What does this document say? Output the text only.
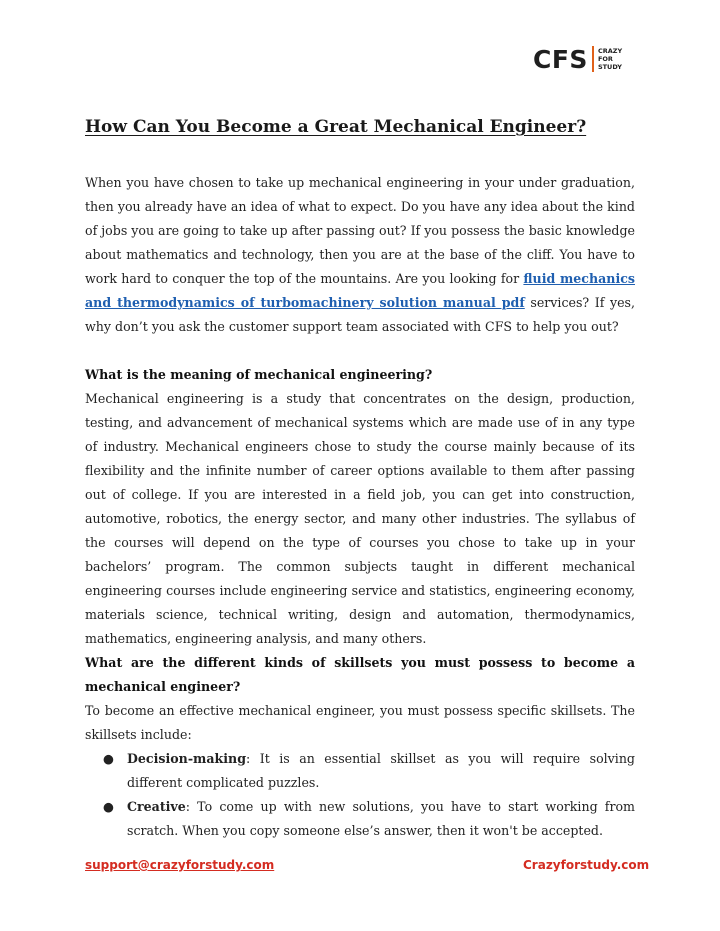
CFS CRAZY
FOR
STUDY
How Can You Become a Great Mechanical Engineer?

When you have chosen to take up mechanical engineering in your under graduation, then you already have an idea of what to expect. Do you have any idea about the kind of jobs you are going to take up after passing out? If you possess the basic knowledge about mathematics and technology, then you are at the base of the cliff. You have to work hard to conquer the top of the mountains. Are you looking for fluid mechanics and thermodynamics of turbomachinery solution manual pdf services? If yes, why don’t you ask the customer support team associated with CFS to help you out?

What is the meaning of mechanical engineering?

Mechanical engineering is a study that concentrates on the design, production, testing, and advancement of mechanical systems which are made use of in any type of industry. Mechanical engineers chose to study the course mainly because of its flexibility and the infinite number of career options available to them after passing out of college. If you are interested in a field job, you can get into construction, automotive, robotics, the energy sector, and many other industries. The syllabus of the courses will depend on the type of courses you chose to take up in your bachelors’ program. The common subjects taught in different mechanical engineering courses include engineering service and statistics, engineering economy, materials science, technical writing, design and automation, thermodynamics, mathematics, engineering analysis, and many others.

What are the different kinds of skillsets you must possess to become a mechanical engineer?

To become an effective mechanical engineer, you must possess specific skillsets. The skillsets include:

● Decision-making: It is an essential skillset as you will require solving different complicated puzzles.
● Creative: To come up with new solutions, you have to start working from scratch. When you copy someone else’s answer, then it won't be accepted.
support@crazyforstudy.com	Crazyforstudy.com
